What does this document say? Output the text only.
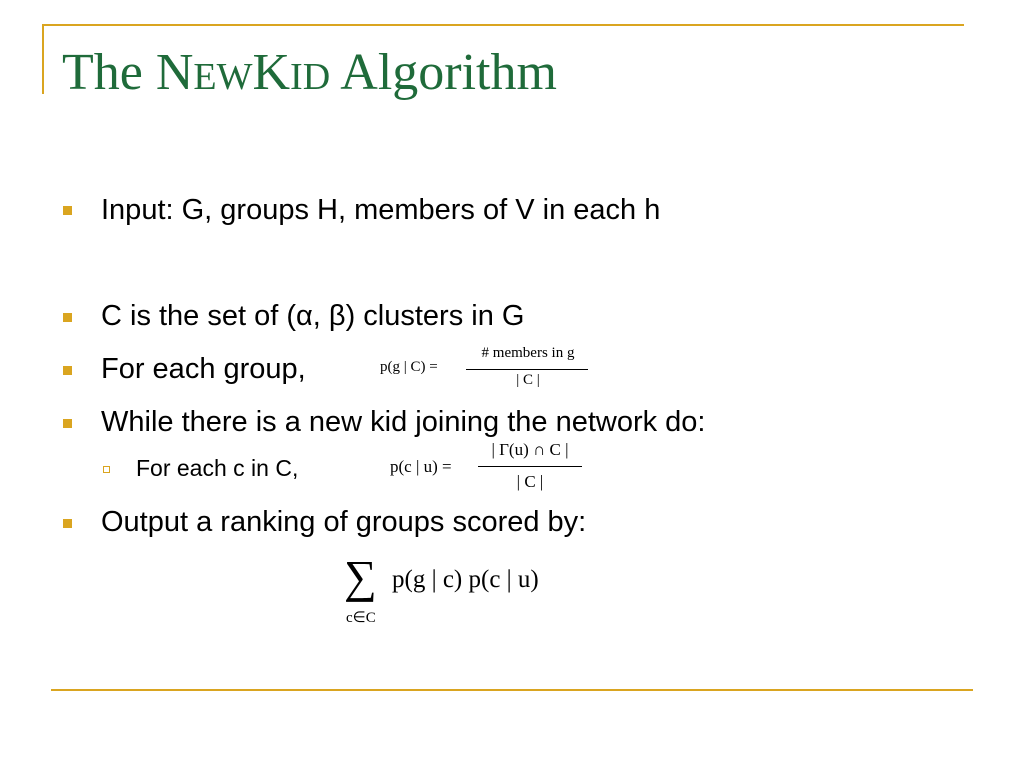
The NEWKID Algorithm
Input: G, groups H, members of V in each h
C is the set of (α, β) clusters in G
For each group,	p(g | C) =
# members in g
| C |
While there is a new kid joining the network do:
For each c in C,	p(c | u) =
| Γ(u) ∩ C |
| C |
Output a ranking of groups scored by:
∑
c∈C
p(g | c) p(c | u)
